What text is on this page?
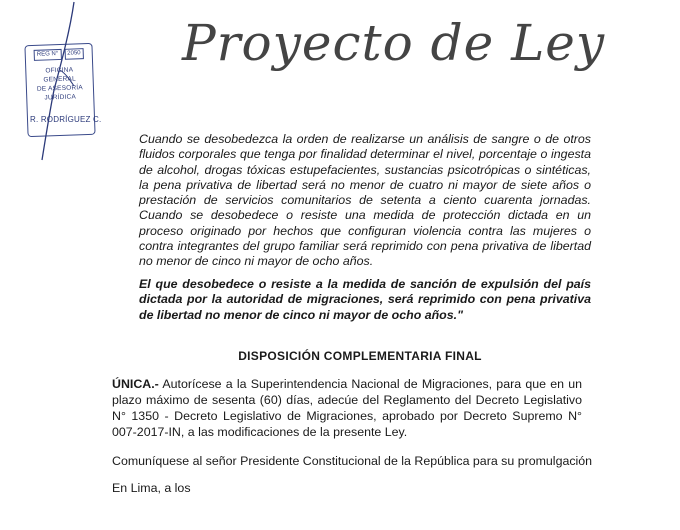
REG N°	2050
OFICINA
GENERAL
DE ASESORÍA
JURÍDICA
R. RODRÍGUEZ C.
Proyecto de Ley

Cuando se desobedezca la orden de realizarse un análisis de sangre o de otros fluidos corporales que tenga por finalidad determinar el nivel, porcentaje o ingesta de alcohol, drogas tóxicas estupefacientes, sustancias psicotrópicas o sintéticas, la pena privativa de libertad será no menor de cuatro ni mayor de siete años o prestación de servicios comunitarios de setenta a ciento cuarenta jornadas. Cuando se desobedece o resiste una medida de protección dictada en un proceso originado por hechos que configuran violencia contra las mujeres o contra integrantes del grupo familiar será reprimido con pena privativa de libertad no menor de cinco ni mayor de ocho años.

El que desobedece o resiste a la medida de sanción de expulsión del país dictada por la autoridad de migraciones, será reprimido con pena privativa de libertad no menor de cinco ni mayor de ocho años."

DISPOSICIÓN COMPLEMENTARIA FINAL

ÚNICA.- Autorícese a la Superintendencia Nacional de Migraciones, para que en un plazo máximo de sesenta (60) días, adecúe del Reglamento del Decreto Legislativo N° 1350 - Decreto Legislativo de Migraciones, aprobado por Decreto Supremo N° 007-2017-IN, a las modificaciones de la presente Ley.

Comuníquese al señor Presidente Constitucional de la República para su promulgación

En Lima, a los
